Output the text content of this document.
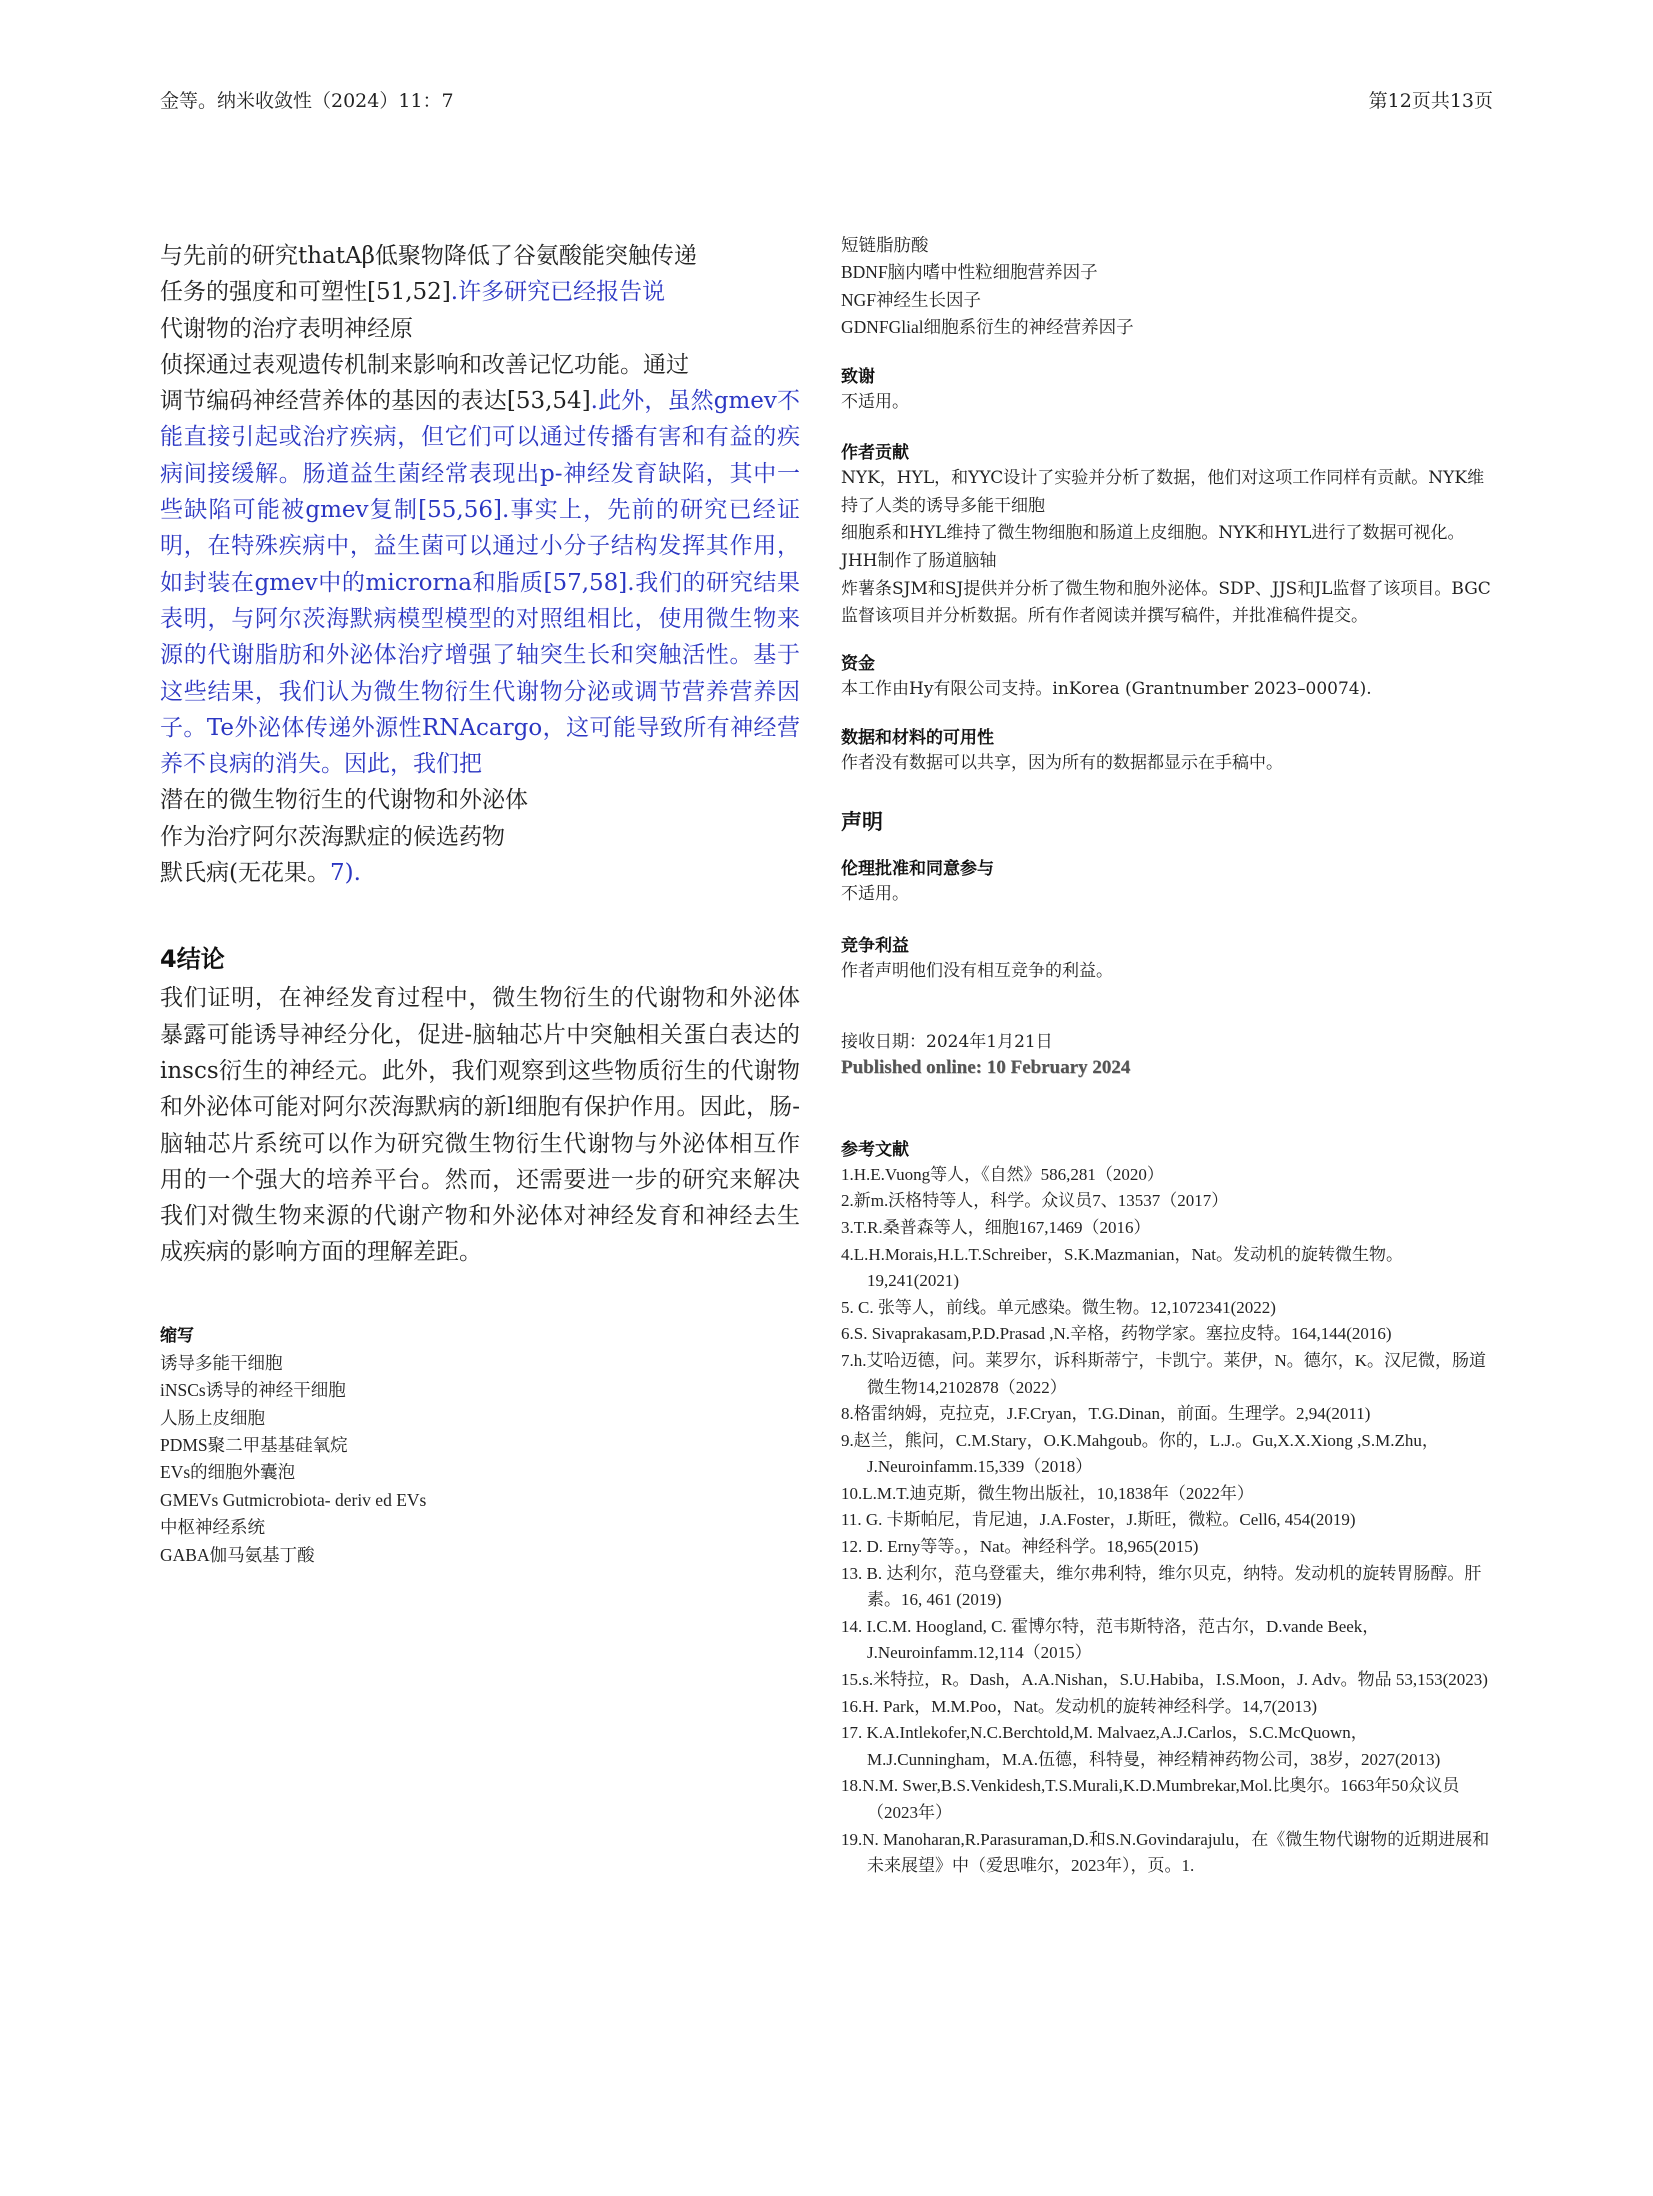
金等。纳米收敛性（2024）11：7	第12页共13页
与先前的研究thatAβ低聚物降低了谷氨酸能突触传递
任务的强度和可塑性[51,52].许多研究已经报告说
代谢物的治疗表明神经原
侦探通过表观遗传机制来影响和改善记忆功能。通过
调节编码神经营养体的基因的表达[53,54].此外，虽然gmev不能直接引起或治疗疾病，但它们可以通过传播有害和有益的疾病间接缓解。肠道益生菌经常表现出p-神经发育缺陷，其中一些缺陷可能被gmev复制[55,56].事实上，先前的研究已经证明，在特殊疾病中，益生菌可以通过小分子结构发挥其作用，如封装在gmev中的microrna和脂质[57,58].我们的研究结果表明，与阿尔茨海默病模型模型的对照组相比，使用微生物来源的代谢脂肪和外泌体治疗增强了轴突生长和突触活性。基于这些结果，我们认为微生物衍生代谢物分泌或调节营养营养因子。Te外泌体传递外源性RNAcargo，这可能导致所有神经营养不良病的消失。因此，我们把
潜在的微生物衍生的代谢物和外泌体
作为治疗阿尔茨海默症的候选药物
默氏病(无花果。7).
4结论
我们证明，在神经发育过程中，微生物衍生的代谢物和外泌体暴露可能诱导神经分化，促进-脑轴芯片中突触相关蛋白表达的inscs衍生的神经元。此外，我们观察到这些物质衍生的代谢物和外泌体可能对阿尔茨海默病的新l细胞有保护作用。因此，肠-脑轴芯片系统可以作为研究微生物衍生代谢物与外泌体相互作用的一个强大的培养平台。然而，还需要进一步的研究来解决我们对微生物来源的代谢产物和外泌体对神经发育和神经去生成疾病的影响方面的理解差距。
缩写
诱导多能干细胞
iNSCs诱导的神经干细胞
人肠上皮细胞
PDMS聚二甲基基硅氧烷
EVs的细胞外囊泡
GMEVs Gutmicrobiota- deriv ed EVs
中枢神经系统
GABA伽马氨基丁酸
短链脂肪酸
BDNF脑内嗜中性粒细胞营养因子
NGF神经生长因子
GDNFGlial细胞系衍生的神经营养因子
致谢
不适用。
作者贡献
NYK，HYL，和YYC设计了实验并分析了数据，他们对这项工作同样有贡献。NYK维持了人类的诱导多能干细胞
细胞系和HYL维持了微生物细胞和肠道上皮细胞。NYK和HYL进行了数据可视化。JHH制作了肠道脑轴
炸薯条SJM和SJ提供并分析了微生物和胞外泌体。SDP、JJS和JL监督了该项目。BGC监督该项目并分析数据。所有作者阅读并撰写稿件，并批准稿件提交。
资金
本工作由Hy有限公司支持。inKorea (Grantnumber 2023–00074).
数据和材料的可用性
作者没有数据可以共享，因为所有的数据都显示在手稿中。
声明
伦理批准和同意参与
不适用。
竞争利益
作者声明他们没有相互竞争的利益。
接收日期：2024年1月21日
Published online: 10 February 2024
参考文献
1.H.E.Vuong等人，《自然》586,281（2020）
2.新m.沃格特等人，科学。众议员7、13537（2017）
3.T.R.桑普森等人，细胞167,1469（2016）
4.L.H.Morais,H.L.T.Schreiber，S.K.Mazmanian，Nat。发动机的旋转微生物。19,241(2021)
5. C. 张等人，前线。单元感染。微生物。12,1072341(2022)
6.S. Sivaprakasam,P.D.Prasad ,N.辛格，药物学家。塞拉皮特。164,144(2016)
7.h.艾哈迈德，问。莱罗尔，诉科斯蒂宁，卡凯宁。莱伊，N。德尔，K。汉尼微，肠道微生物14,2102878（2022）
8.格雷纳姆，克拉克，J.F.Cryan，T.G.Dinan，前面。生理学。2,94(2011)
9.赵兰，熊问，C.M.Stary，O.K.Mahgoub。你的，L.J.。Gu,X.X.Xiong ,S.M.Zhu，J.Neuroinfamm.15,339（2018）
10.L.M.T.迪克斯，微生物出版社，10,1838年（2022年）
11. G. 卡斯帕尼，肯尼迪，J.A.Foster，J.斯旺，微粒。Cell6, 454(2019)
12. D. Erny等等。，Nat。神经科学。18,965(2015)
13. B. 达利尔，范乌登霍夫，维尔弗利特，维尔贝克，纳特。发动机的旋转胃肠醇。肝素。16, 461 (2019)
14. I.C.M. Hoogland, C. 霍博尔特，范韦斯特洛，范古尔，D.vande Beek，J.Neuroinfamm.12,114（2015）
15.s.米特拉，R。Dash，A.A.Nishan，S.U.Habiba，I.S.Moon，J. Adv。物品 53,153(2023)
16.H. Park，M.M.Poo，Nat。发动机的旋转神经科学。14,7(2013)
17. K.A.Intlekofer,N.C.Berchtold,M. Malvaez,A.J.Carlos，S.C.McQuown，M.J.Cunningham，M.A.伍德，科特曼，神经精神药物公司，38岁，2027(2013)
18.N.M. Swer,B.S.Venkidesh,T.S.Murali,K.D.Mumbrekar,Mol.比奥尔。1663年50众议员（2023年）
19.N. Manoharan,R.Parasuraman,D.和S.N.Govindarajulu，在《微生物代谢物的近期进展和未来展望》中（爱思唯尔，2023年），页。1.
